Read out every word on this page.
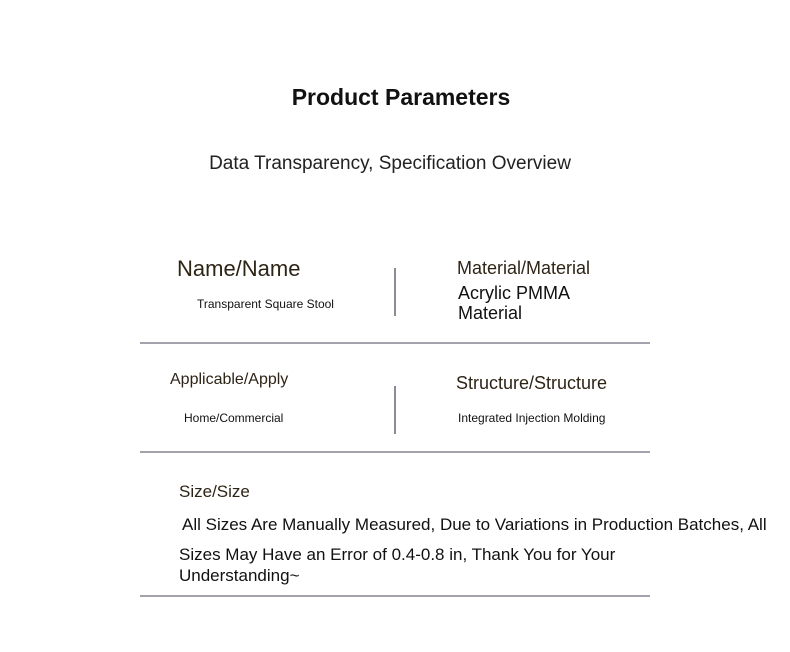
Product Parameters
Data Transparency, Specification Overview
Name/Name
Transparent Square Stool
Material/Material
Acrylic PMMA Material
Applicable/Apply
Home/Commercial
Structure/Structure
Integrated Injection Molding
Size/Size
All Sizes Are Manually Measured, Due to Variations in Production Batches, All
Sizes May Have an Error of 0.4-0.8 in, Thank You for Your Understanding~
